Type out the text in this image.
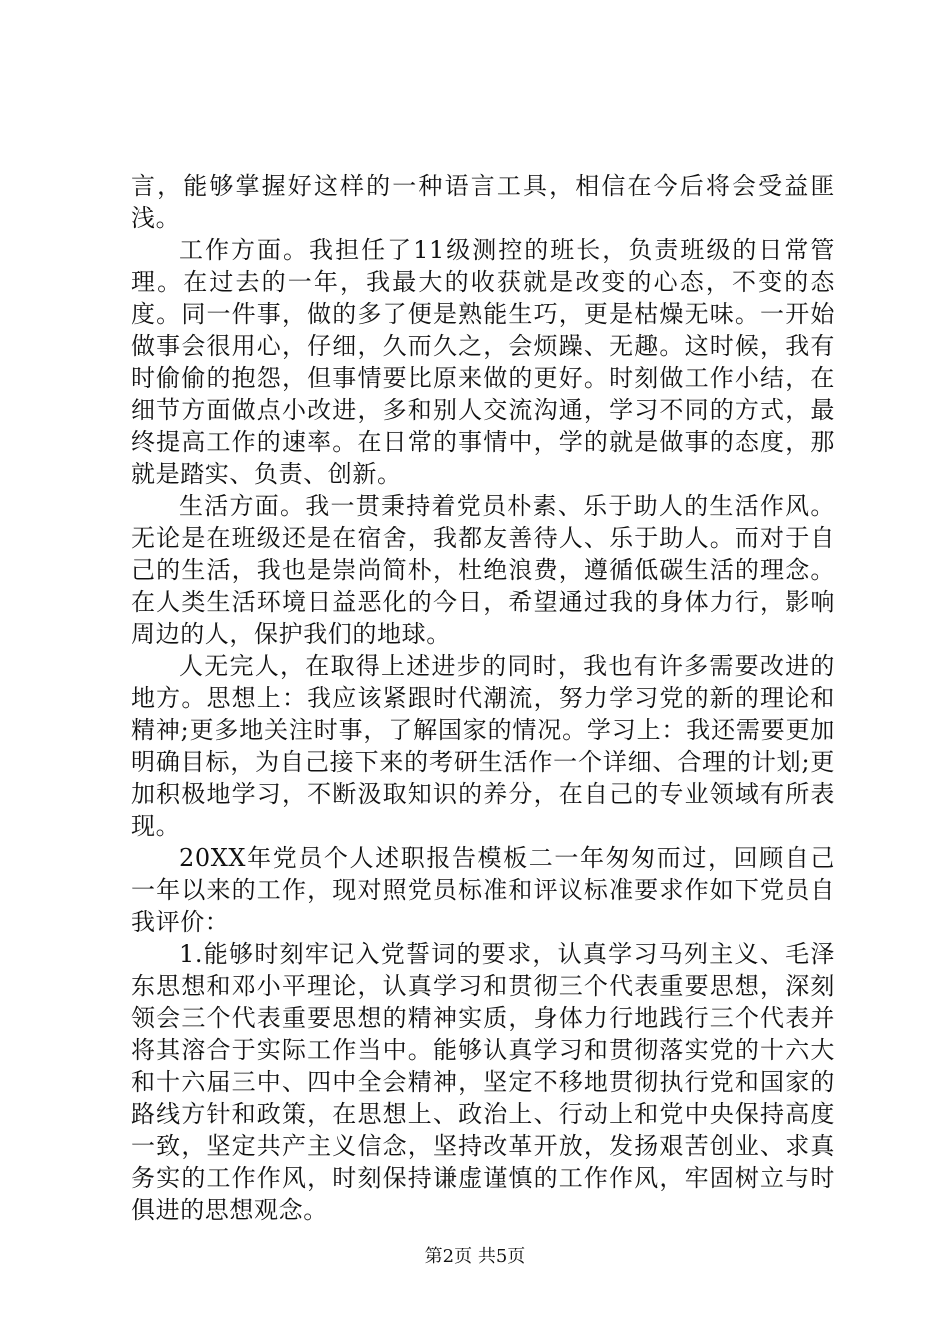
言，能够掌握好这样的一种语言工具，相信在今后将会受益匪浅。

工作方面。我担任了11级测控的班长，负责班级的日常管理。在过去的一年，我最大的收获就是改变的心态，不变的态度。同一件事，做的多了便是熟能生巧，更是枯燥无味。一开始做事会很用心，仔细，久而久之，会烦躁、无趣。这时候，我有时偷偷的抱怨，但事情要比原来做的更好。时刻做工作小结，在细节方面做点小改进，多和别人交流沟通，学习不同的方式，最终提高工作的速率。在日常的事情中，学的就是做事的态度，那就是踏实、负责、创新。

生活方面。我一贯秉持着党员朴素、乐于助人的生活作风。无论是在班级还是在宿舍，我都友善待人、乐于助人。而对于自己的生活，我也是崇尚简朴，杜绝浪费，遵循低碳生活的理念。在人类生活环境日益恶化的今日，希望通过我的身体力行，影响周边的人，保护我们的地球。

人无完人，在取得上述进步的同时，我也有许多需要改进的地方。思想上：我应该紧跟时代潮流，努力学习党的新的理论和精神;更多地关注时事，了解国家的情况。学习上：我还需要更加明确目标，为自己接下来的考研生活作一个详细、合理的计划;更加积极地学习，不断汲取知识的养分，在自己的专业领域有所表现。

20XX年党员个人述职报告模板二一年匆匆而过，回顾自己一年以来的工作，现对照党员标准和评议标准要求作如下党员自我评价：

1.能够时刻牢记入党誓词的要求，认真学习马列主义、毛泽东思想和邓小平理论，认真学习和贯彻三个代表重要思想，深刻领会三个代表重要思想的精神实质，身体力行地践行三个代表并将其溶合于实际工作当中。能够认真学习和贯彻落实党的十六大和十六届三中、四中全会精神，坚定不移地贯彻执行党和国家的路线方针和政策，在思想上、政治上、行动上和党中央保持高度一致，坚定共产主义信念，坚持改革开放，发扬艰苦创业、求真务实的工作作风，时刻保持谦虚谨慎的工作作风，牢固树立与时俱进的思想观念。

第2页 共5页
